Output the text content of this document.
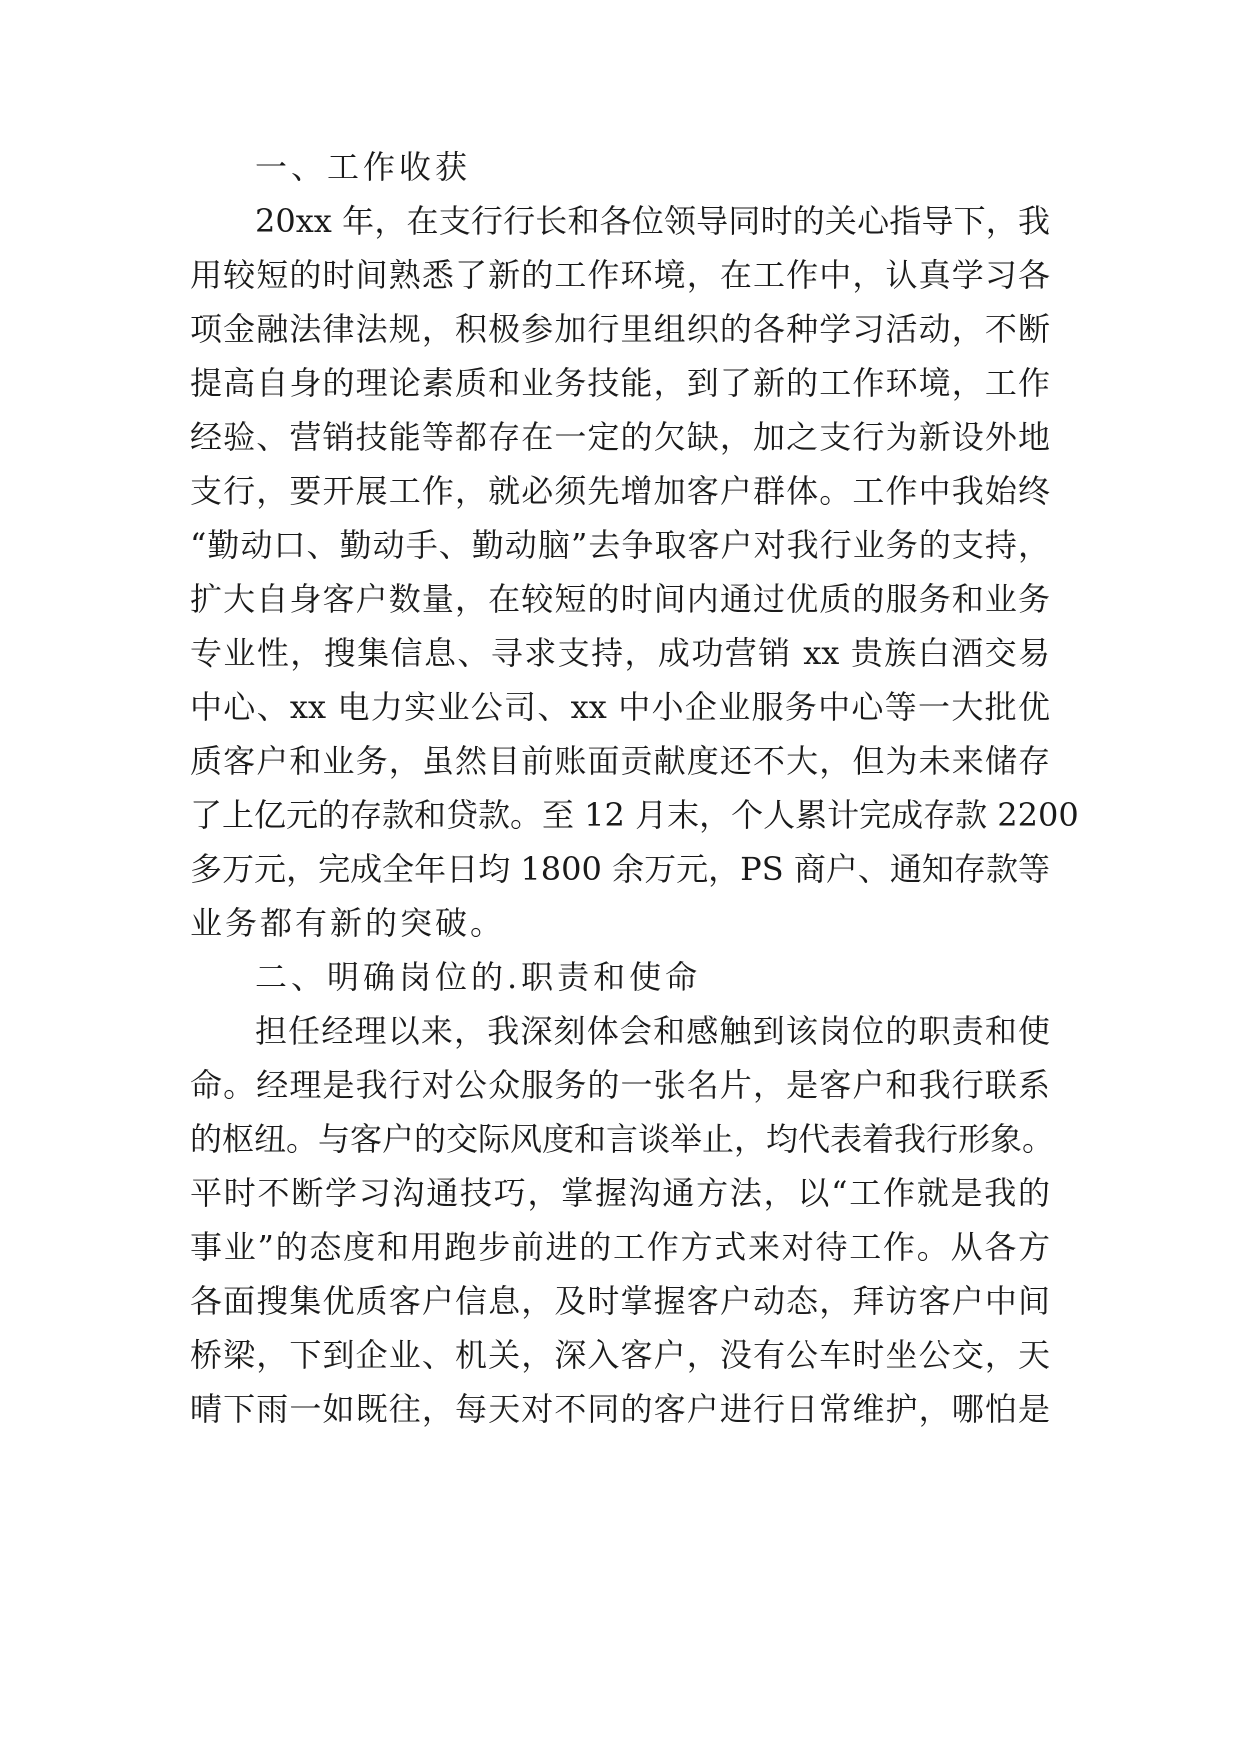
一、工作收获
20xx 年，在支行行长和各位领导同时的关心指导下，我
用较短的时间熟悉了新的工作环境，在工作中，认真学习各
项金融法律法规，积极参加行里组织的各种学习活动，不断
提高自身的理论素质和业务技能，到了新的工作环境，工作
经验、营销技能等都存在一定的欠缺，加之支行为新设外地
支行，要开展工作，就必须先增加客户群体。工作中我始终
“勤动口、勤动手、勤动脑”去争取客户对我行业务的支持，
扩大自身客户数量，在较短的时间内通过优质的服务和业务
专业性，搜集信息、寻求支持，成功营销 xx 贵族白酒交易
中心、xx 电力实业公司、xx 中小企业服务中心等一大批优
质客户和业务，虽然目前账面贡献度还不大，但为未来储存
了上亿元的存款和贷款。至 12 月末，个人累计完成存款 2200
多万元，完成全年日均 1800 余万元，PS 商户、通知存款等
业务都有新的突破。
二、明确岗位的.职责和使命
担任经理以来，我深刻体会和感触到该岗位的职责和使
命。经理是我行对公众服务的一张名片，是客户和我行联系
的枢纽。与客户的交际风度和言谈举止，均代表着我行形象。
平时不断学习沟通技巧，掌握沟通方法，以“工作就是我的
事业”的态度和用跑步前进的工作方式来对待工作。从各方
各面搜集优质客户信息，及时掌握客户动态，拜访客户中间
桥梁，下到企业、机关，深入客户，没有公车时坐公交，天
晴下雨一如既往，每天对不同的客户进行日常维护，哪怕是
